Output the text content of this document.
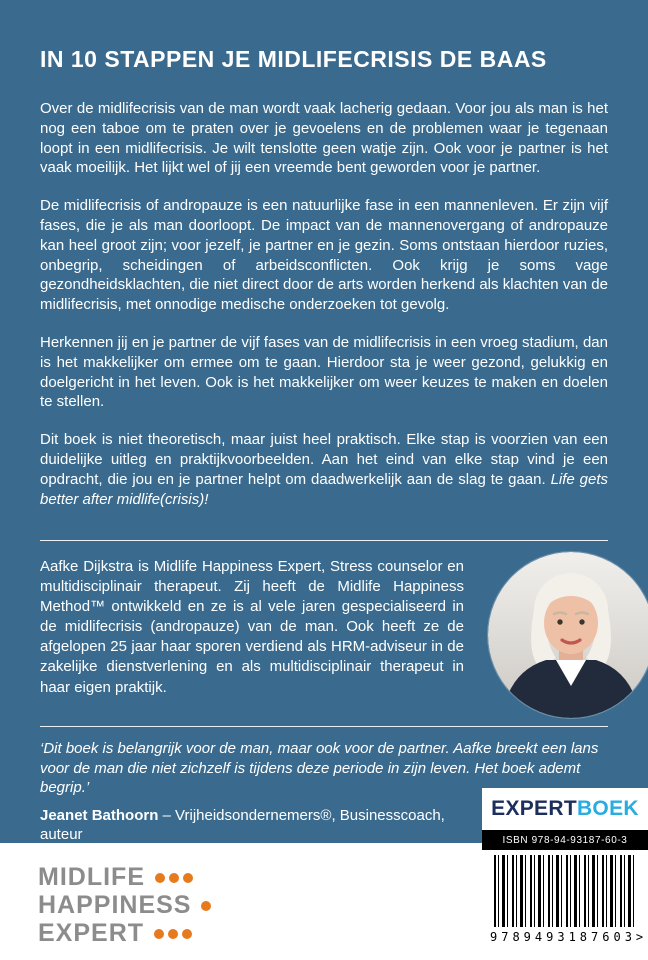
IN 10 STAPPEN JE MIDLIFECRISIS DE BAAS

Over de midlifecrisis van de man wordt vaak lacherig gedaan. Voor jou als man is het nog een taboe om te praten over je gevoelens en de problemen waar je tegenaan loopt in een midlifecrisis. Je wilt tenslotte geen watje zijn. Ook voor je partner is het vaak moeilijk. Het lijkt wel of jij een vreemde bent geworden voor je partner.

De midlifecrisis of andropauze is een natuurlijke fase in een mannenleven. Er zijn vijf fases, die je als man doorloopt. De impact van de mannenovergang of andropauze kan heel groot zijn; voor jezelf, je partner en je gezin. Soms ontstaan hierdoor ruzies, onbegrip, scheidingen of arbeidsconflicten. Ook krijg je soms vage gezondheidsklachten, die niet direct door de arts worden herkend als klachten van de midlifecrisis, met onnodige medische onderzoeken tot gevolg.

Herkennen jij en je partner de vijf fases van de midlifecrisis in een vroeg stadium, dan is het makkelijker om ermee om te gaan. Hierdoor sta je weer gezond, gelukkig en doelgericht in het leven. Ook is het makkelijker om weer keuzes te maken en doelen te stellen.

Dit boek is niet theoretisch, maar juist heel praktisch. Elke stap is voorzien van een duidelijke uitleg en praktijkvoorbeelden. Aan het eind van elke stap vind je een opdracht, die jou en je partner helpt om daadwerkelijk aan de slag te gaan. Life gets better after midlife(crisis)!

Aafke Dijkstra is Midlife Happiness Expert, Stress counselor en multidisciplinair therapeut. Zij heeft de Midlife Happiness Method™ ontwikkeld en ze is al vele jaren gespecialiseerd in de midlifecrisis (andropauze) van de man. Ook heeft ze de afgelopen 25 jaar haar sporen verdiend als HRM-adviseur in de zakelijke dienstverlening en als multidisciplinair therapeut in haar eigen praktijk.

‘Dit boek is belangrijk voor de man, maar ook voor de partner. Aafke breekt een lans voor de man die niet zichzelf is tijdens deze periode in zijn leven. Het boek ademt begrip.’

Jeanet Bathoorn – Vrijheidsondernemers®, Businesscoach, auteur

MIDLIFE
HAPPINESS
EXPERT
EXPERT BOEK
ISBN 978-94-93187-60-3
9789493187603 >
